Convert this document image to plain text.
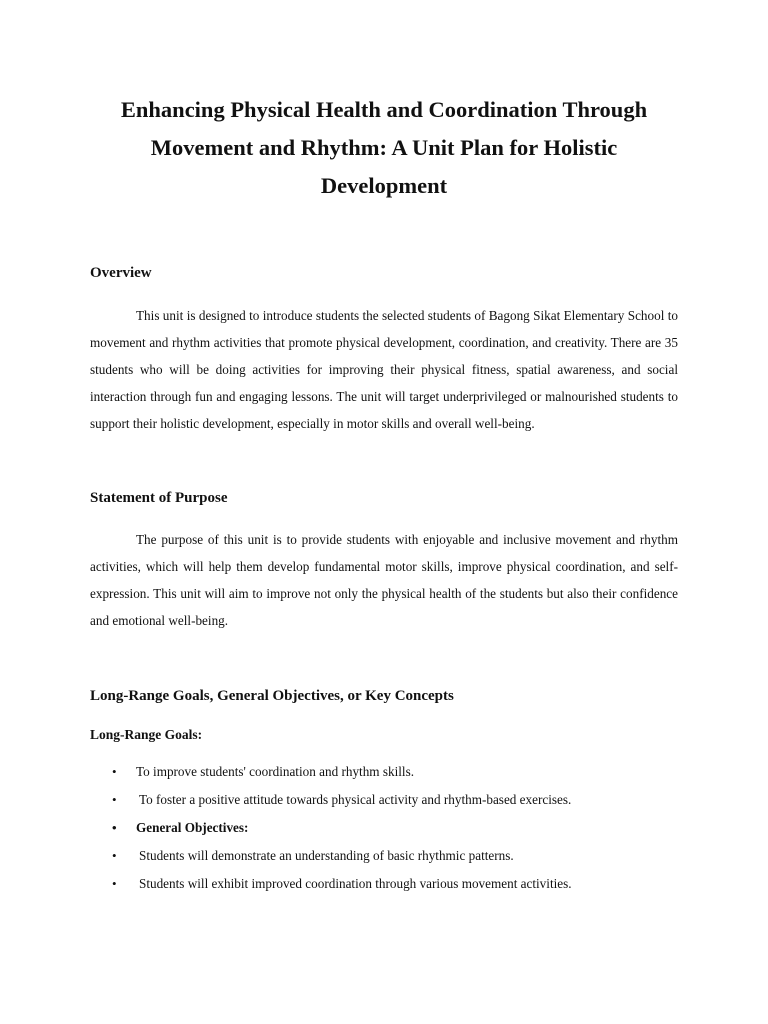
Enhancing Physical Health and Coordination Through
Movement and Rhythm: A Unit Plan for Holistic
Development
Overview

This unit is designed to introduce students the selected students of Bagong Sikat Elementary School to movement and rhythm activities that promote physical development, coordination, and creativity. There are 35 students who will be doing activities for improving their physical fitness, spatial awareness, and social interaction through fun and engaging lessons. The unit will target underprivileged or malnourished students to support their holistic development, especially in motor skills and overall well-being.

Statement of Purpose

The purpose of this unit is to provide students with enjoyable and inclusive movement and rhythm activities, which will help them develop fundamental motor skills, improve physical coordination, and self-expression. This unit will aim to improve not only the physical health of the students but also their confidence and emotional well-being.

Long-Range Goals, General Objectives, or Key Concepts
Long-Range Goals:
• To improve students' coordination and rhythm skills.
• To foster a positive attitude towards physical activity and rhythm-based exercises.
• General Objectives:
• Students will demonstrate an understanding of basic rhythmic patterns.
• Students will exhibit improved coordination through various movement activities.
